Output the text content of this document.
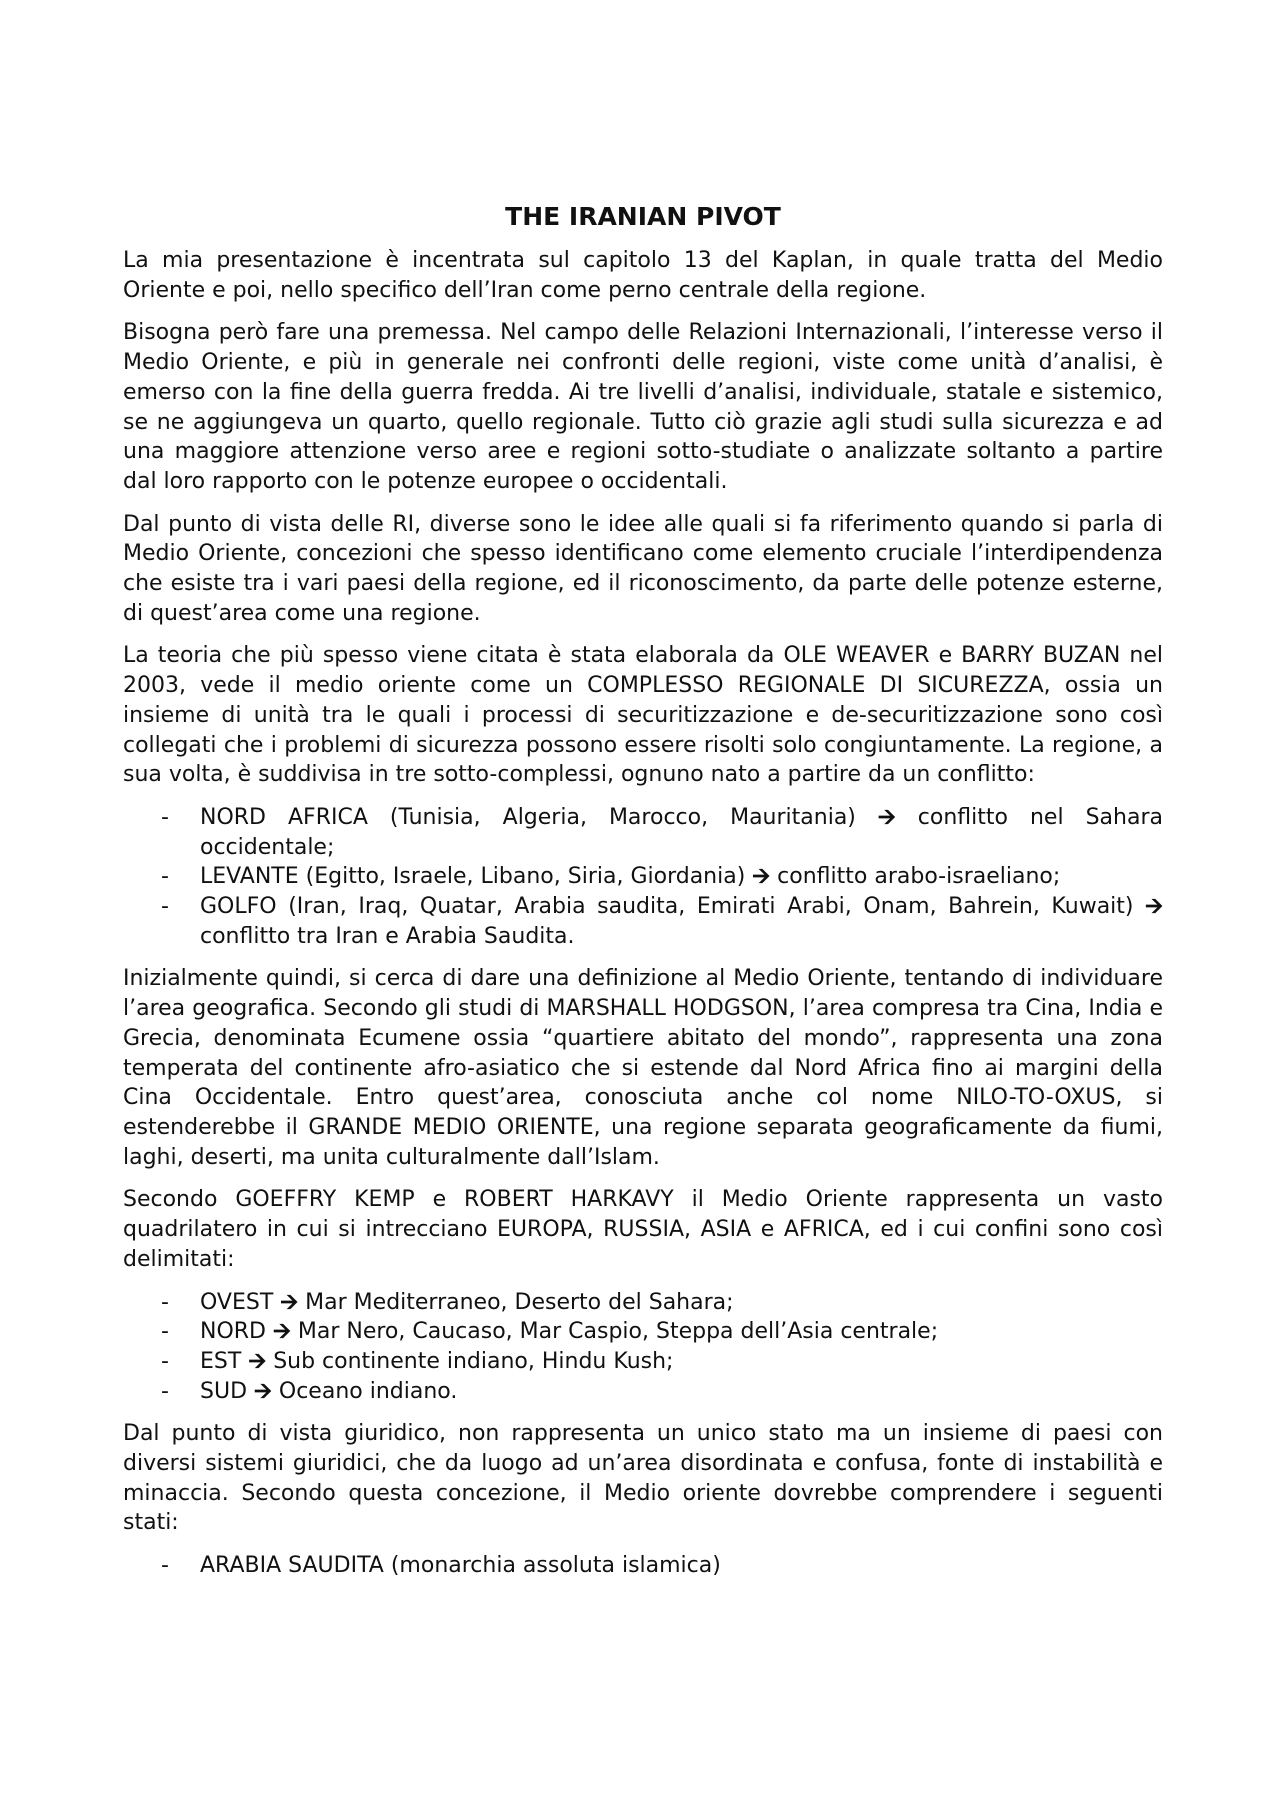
THE IRANIAN PIVOT

La mia presentazione è incentrata sul capitolo 13 del Kaplan, in quale tratta del Medio Oriente e poi, nello specifico dell’Iran come perno centrale della regione.

Bisogna però fare una premessa. Nel campo delle Relazioni Internazionali, l’interesse verso il Medio Oriente, e più in generale nei confronti delle regioni, viste come unità d’analisi, è emerso con la fine della guerra fredda. Ai tre livelli d’analisi, individuale, statale e sistemico, se ne aggiungeva un quarto, quello regionale. Tutto ciò grazie agli studi sulla sicurezza e ad una maggiore attenzione verso aree e regioni sotto-studiate o analizzate soltanto a partire dal loro rapporto con le potenze europee o occidentali.

Dal punto di vista delle RI, diverse sono le idee alle quali si fa riferimento quando si parla di Medio Oriente, concezioni che spesso identificano come elemento cruciale l’interdipendenza che esiste tra i vari paesi della regione, ed il riconoscimento, da parte delle potenze esterne, di quest’area come una regione.

La teoria che più spesso viene citata è stata elaborala da OLE WEAVER e BARRY BUZAN nel 2003, vede il medio oriente come un COMPLESSO REGIONALE DI SICUREZZA, ossia un insieme di unità tra le quali i processi di securitizzazione e de-securitizzazione sono così collegati che i problemi di sicurezza possono essere risolti solo congiuntamente. La regione, a sua volta, è suddivisa in tre sotto-complessi, ognuno nato a partire da un conflitto:

- NORD AFRICA (Tunisia, Algeria, Marocco, Mauritania) 🡪 conflitto nel Sahara occidentale;
- LEVANTE (Egitto, Israele, Libano, Siria, Giordania) 🡪 conflitto arabo-israeliano;
- GOLFO (Iran, Iraq, Quatar, Arabia saudita, Emirati Arabi, Onam, Bahrein, Kuwait) 🡪 conflitto tra Iran e Arabia Saudita.

Inizialmente quindi, si cerca di dare una definizione al Medio Oriente, tentando di individuare l’area geografica. Secondo gli studi di MARSHALL HODGSON, l’area compresa tra Cina, India e Grecia, denominata Ecumene ossia “quartiere abitato del mondo”, rappresenta una zona temperata del continente afro-asiatico che si estende dal Nord Africa fino ai margini della Cina Occidentale. Entro quest’area, conosciuta anche col nome NILO-TO-OXUS, si estenderebbe il GRANDE MEDIO ORIENTE, una regione separata geograficamente da fiumi, laghi, deserti, ma unita culturalmente dall’Islam.

Secondo GOEFFRY KEMP e ROBERT HARKAVY il Medio Oriente rappresenta un vasto quadrilatero in cui si intrecciano EUROPA, RUSSIA, ASIA e AFRICA, ed i cui confini sono così delimitati:

- OVEST 🡪 Mar Mediterraneo, Deserto del Sahara;
- NORD 🡪 Mar Nero, Caucaso, Mar Caspio, Steppa dell’Asia centrale;
- EST 🡪 Sub continente indiano, Hindu Kush;
- SUD 🡪 Oceano indiano.

Dal punto di vista giuridico, non rappresenta un unico stato ma un insieme di paesi con diversi sistemi giuridici, che da luogo ad un’area disordinata e confusa, fonte di instabilità e minaccia. Secondo questa concezione, il Medio oriente dovrebbe comprendere i seguenti stati:

- ARABIA SAUDITA (monarchia assoluta islamica)
